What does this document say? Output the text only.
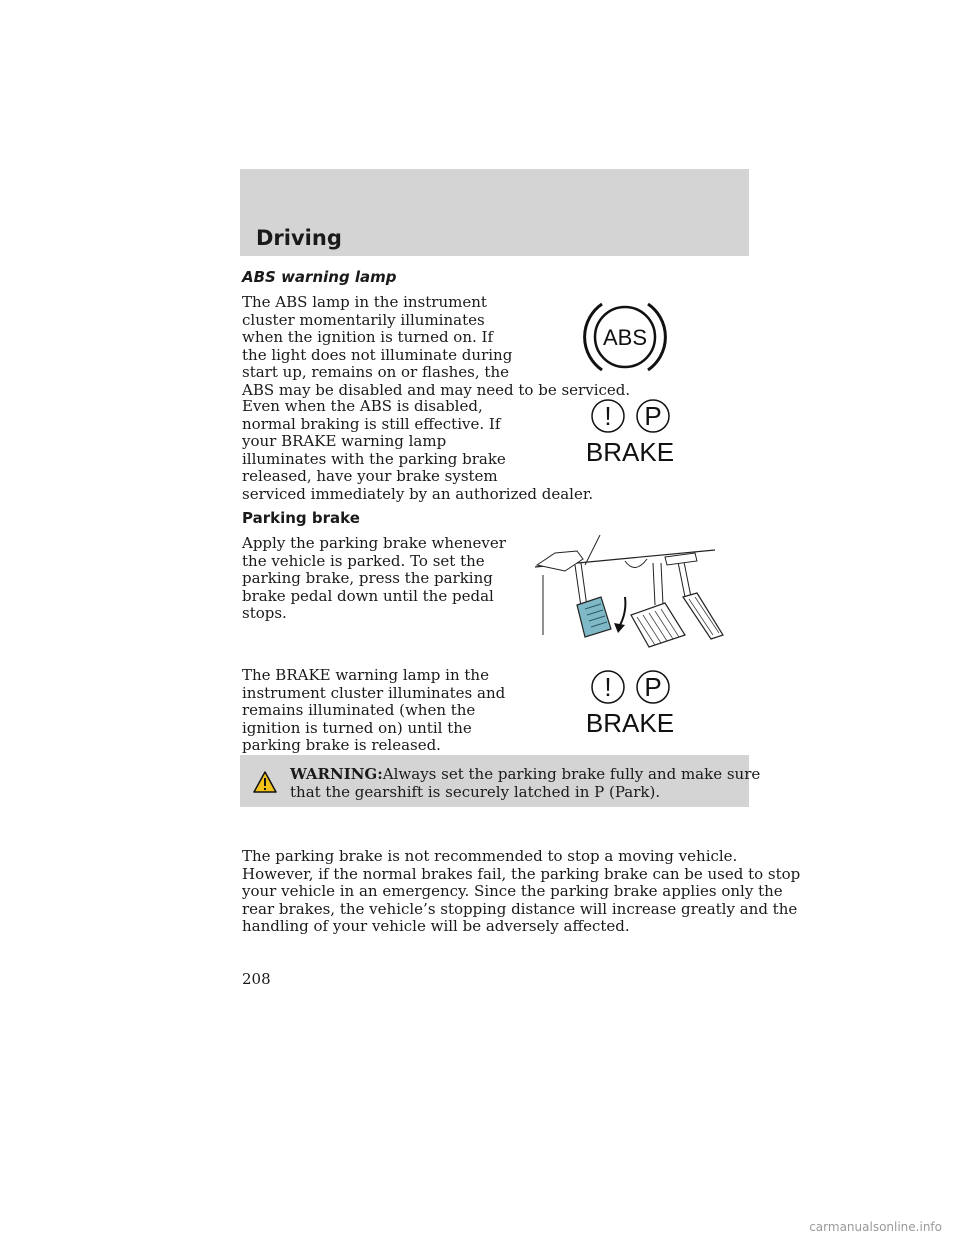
Driving
ABS warning lamp

The ABS lamp in the instrument
cluster momentarily illuminates
when the ignition is turned on. If
the light does not illuminate during
start up, remains on or flashes, the
ABS may be disabled and may need to be serviced.

ABS

Even when the ABS is disabled,
normal braking is still effective. If
your BRAKE warning lamp
illuminates with the parking brake
released, have your brake system
serviced immediately by an authorized dealer.

! P
BRAKE
Parking brake

Apply the parking brake whenever
the vehicle is parked. To set the
parking brake, press the parking
brake pedal down until the pedal
stops.

The BRAKE warning lamp in the
instrument cluster illuminates and
remains illuminated (when the
ignition is turned on) until the
parking brake is released.

! P
BRAKE

WARNING:Always set the parking brake fully and make sure
that the gearshift is securely latched in P (Park).

The parking brake is not recommended to stop a moving vehicle.
However, if the normal brakes fail, the parking brake can be used to stop
your vehicle in an emergency. Since the parking brake applies only the
rear brakes, the vehicle’s stopping distance will increase greatly and the
handling of your vehicle will be adversely affected.

208

carmanualsonline.info
